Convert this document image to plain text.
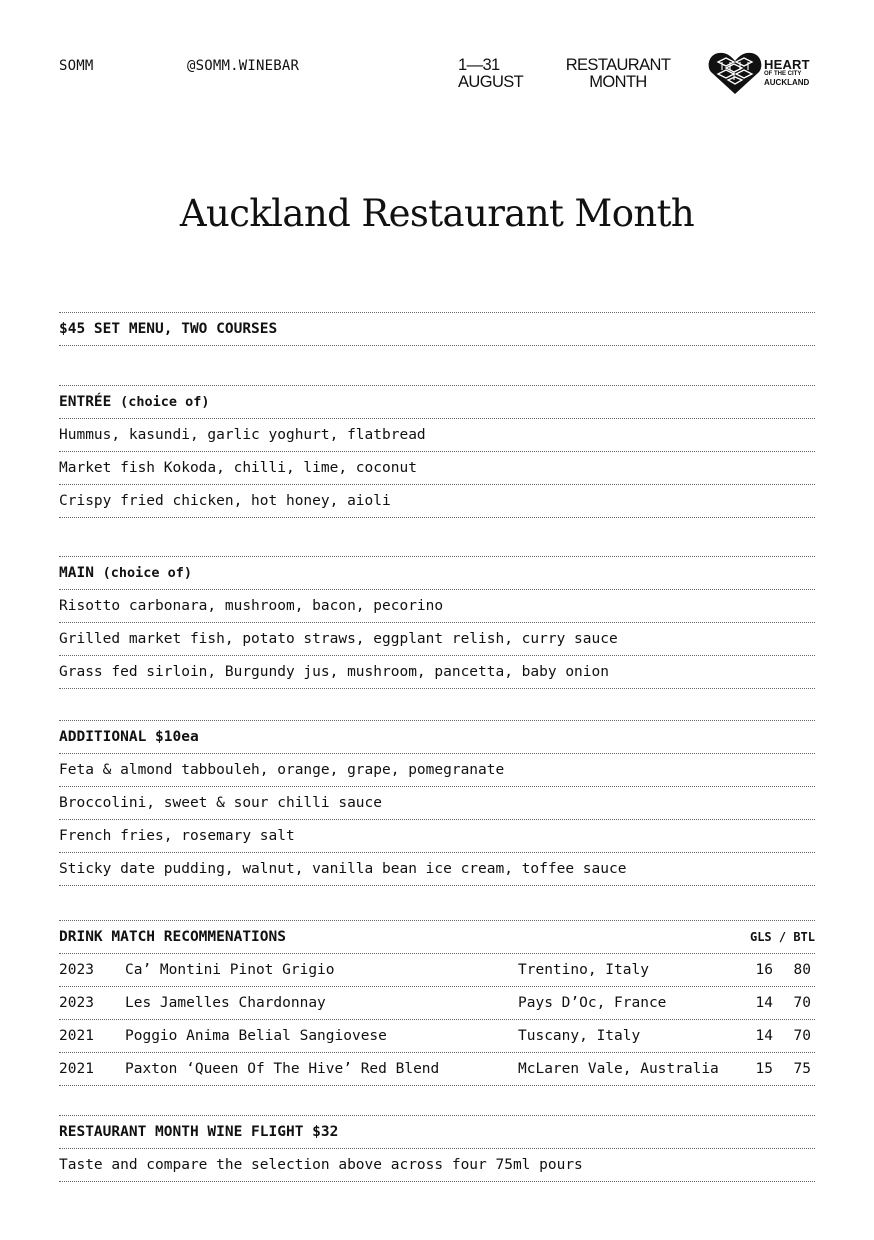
SOMM	@SOMM.WINEBAR	1—31
AUGUST
RESTAURANT
MONTH
HEART
OF THE CITY
AUCKLAND
Auckland Restaurant Month
$45 SET MENU, TWO COURSES
ENTRÉE (choice of)
Hummus, kasundi, garlic yoghurt, flatbread
Market fish Kokoda, chilli, lime, coconut
Crispy fried chicken, hot honey, aioli
MAIN (choice of)
Risotto carbonara, mushroom, bacon, pecorino
Grilled market fish, potato straws, eggplant relish, curry sauce
Grass fed sirloin, Burgundy jus, mushroom, pancetta, baby onion
ADDITIONAL $10ea
Feta & almond tabbouleh, orange, grape, pomegranate
Broccolini, sweet & sour chilli sauce
French fries, rosemary salt
Sticky date pudding, walnut, vanilla bean ice cream, toffee sauce
DRINK MATCH RECOMMENATIONS	GLS / BTL
2023 Ca’ Montini Pinot Grigio	Trentino, Italy	16	80
2023 Les Jamelles Chardonnay	Pays D’Oc, France	14	70
2021 Poggio Anima Belial Sangiovese	Tuscany, Italy	14	70
2021 Paxton ‘Queen Of The Hive’ Red Blend	McLaren Vale, Australia	15	75
RESTAURANT MONTH WINE FLIGHT $32
Taste and compare the selection above across four 75ml pours
